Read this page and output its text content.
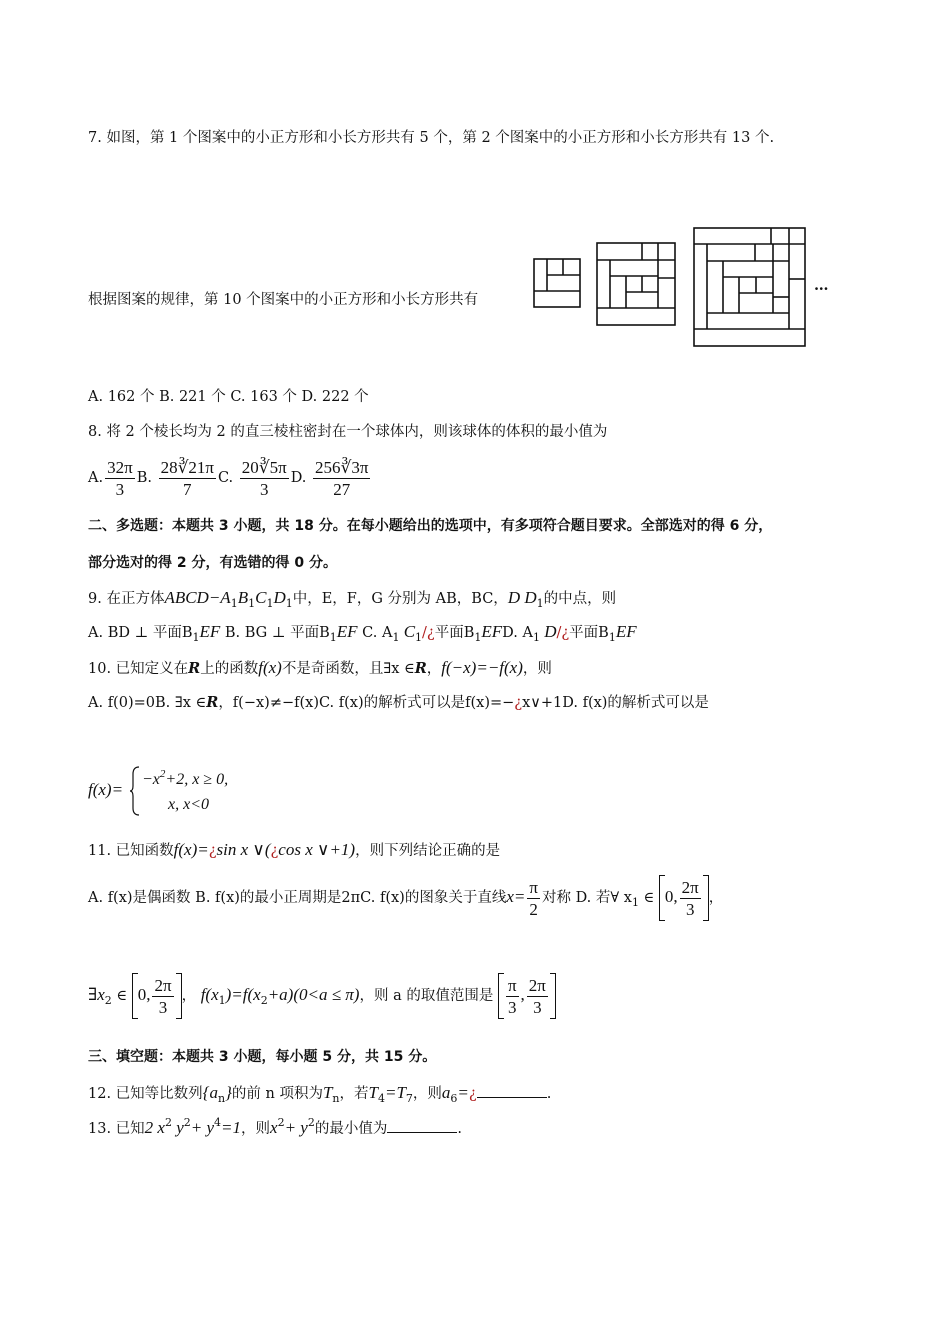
7. 如图，第 1 个图案中的小正方形和小长方形共有 5 个，第 2 个图案中的小正方形和小长方形共有 13 个.
根据图案的规律，第 10 个图案中的小正方形和小长方形共有
…
A. 162 个 B. 221 个 C. 163 个 D. 222 个
8. 将 2 个棱长均为 2 的直三棱柱密封在一个球体内，则该球体的体积的最小值为
A. $\frac{32\pi}{3} B$. $\frac{28∛21\pi}{7} C$. $\frac{20∛5\pi}{3} D$. $\frac{256∛3\pi}{27}$
二、多选题：本题共 3 小题，共 18 分。在每小题给出的选项中，有多项符合题目要求。全部选对的得 6 分，
部分选对的得 2 分，有选错的得 0 分。
9. 在正方体$ABCD-A_1B_1C_1D_1$中，E，F，G 分别为 AB，BC，D $D_1$的中点，则
A. BD ⊥ 平面$B_1EF$ B. BG ⊥ 平面$B_1EF$ C. $A_1$ $C_1/¿$平面$B_1EFD$. $A_1$ D/¿平面$B_1EF$
10. 已知定义在R上的函数f(x)不是奇函数，且∃x ∈R，f(−x)=−f(x)，则
A. f(0)=0B. ∃x ∈R，f(−x)≠−f(x)C. f(x)的解析式可以是f(x)=−¿x∨+1D. f(x)的解析式可以是
f(x)=
$-x^2+2$, x ≥ 0,
x, x<0
11. 已知函数f(x)=¿sin x ∨(¿cos x ∨+1)，则下列结论正确的是
A. f(x)是偶函数 B. f(x)的最小正周期是2πC. f(x)的图象关于直线$x= \frac{\pi}{2}$ 对称 D. 若∀ $x_1$ ∈ 0, $\frac{2\pi}{3}$ ，
$\exists x_2$ ∈ 0, $\frac{2\pi}{3}$ ， $f(x_1)=f(x_2+a)(0<a \le \pi)$，则 a 的取值范围是 $\frac{\pi}{3}$ , $\frac{2\pi}{3}$
三、填空题：本题共 3 小题，每小题 5 分，共 15 分。
12. 已知等比数列$\{a_n\}$的前 n 项积为$T_n$，若$T_4=T_7$，则$a_6=¿$	.
13. 已知2 $x^2$ $y^2+ y^4=1$，则$x^2+ y^2$的最小值为	.
